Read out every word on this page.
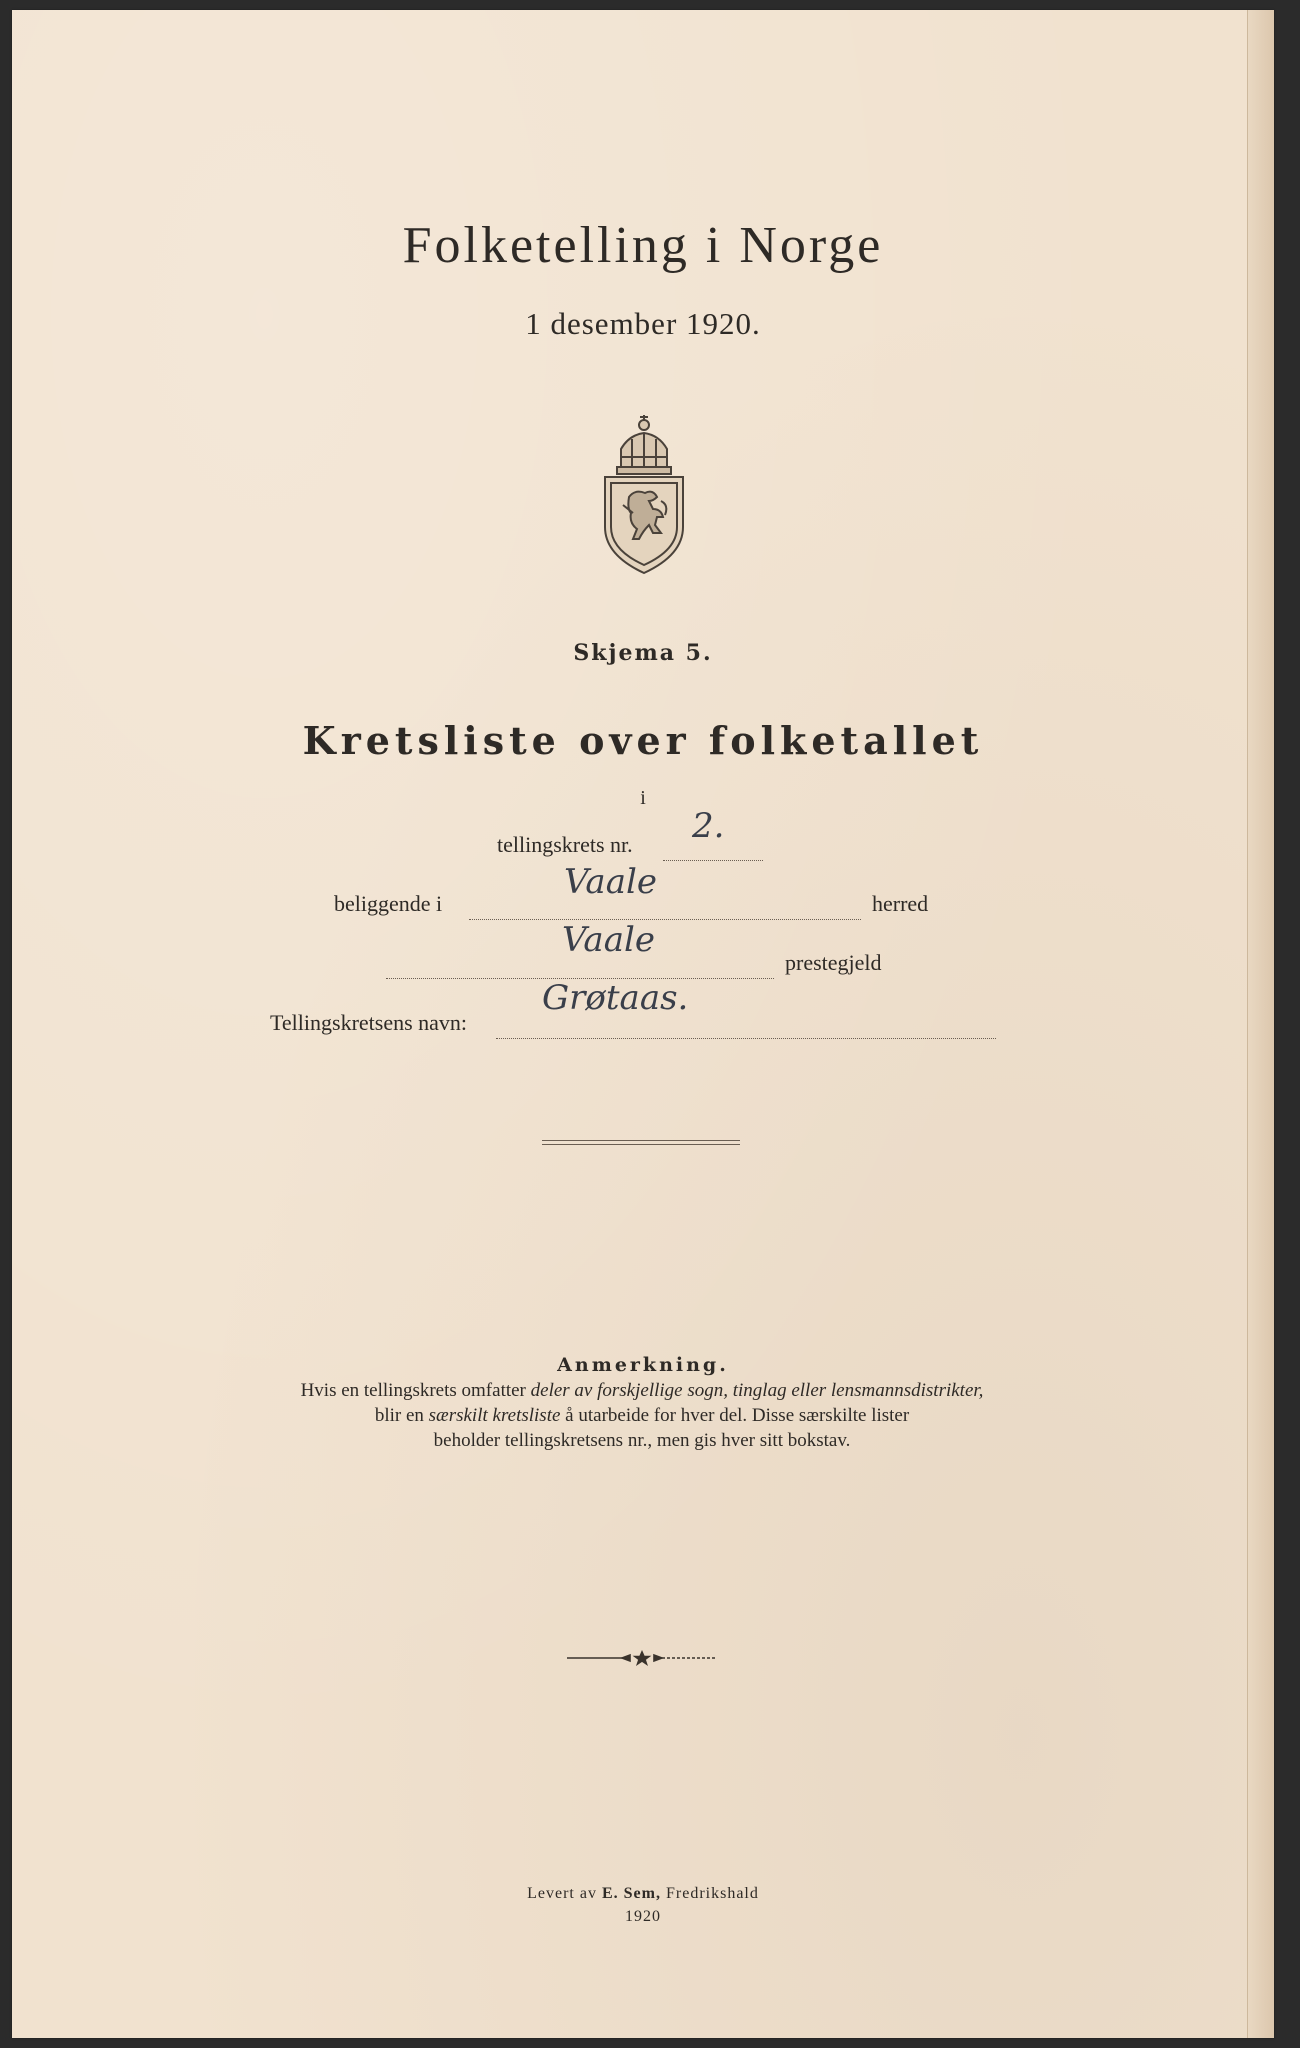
Folketelling i Norge
1 desember 1920.
Skjema 5.
Kretsliste over folketallet
i
tellingskrets nr. 2.
beliggende i
Vaale
herred
Vaale
prestegjeld
Tellingskretsens navn:
Grøtaas.
Anmerkning.
Hvis en tellingskrets omfatter deler av forskjellige sogn, tinglag eller lensmannsdistrikter,
blir en særskilt kretsliste å utarbeide for hver del. Disse særskilte lister
beholder tellingskretsens nr., men gis hver sitt bokstav.
Levert av E. Sem, Fredrikshald
1920
